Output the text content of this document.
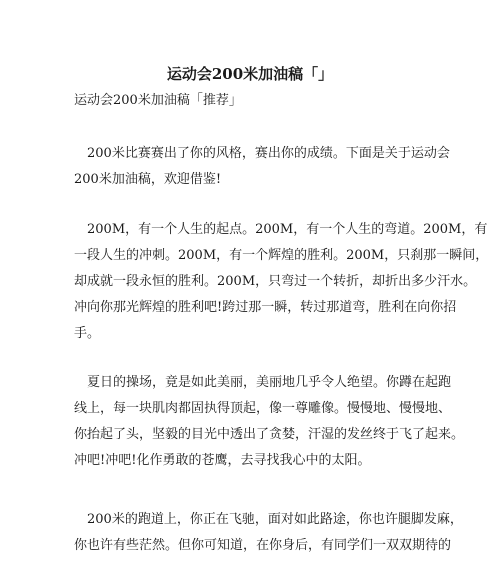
运动会200米加油稿「」
运动会200米加油稿「推荐」
　200米比赛赛出了你的风格，赛出你的成绩。下面是关于运动会
200米加油稿，欢迎借鉴!
　200M，有一个人生的起点。200M，有一个人生的弯道。200M，有
一段人生的冲刺。200M，有一个辉煌的胜利。200M，只刹那一瞬间，
却成就一段永恒的胜利。200M，只弯过一个转折，却折出多少汗水。
冲向你那光辉煌的胜利吧!跨过那一瞬，转过那道弯，胜利在向你招
手。
　夏日的操场，竟是如此美丽，美丽地几乎令人绝望。你蹲在起跑
线上，每一块肌肉都固执得顶起，像一尊雕像。慢慢地、慢慢地、
你抬起了头，坚毅的目光中透出了贪婪，汗湿的发丝终于飞了起来。
冲吧!冲吧!化作勇敢的苍鹰，去寻找我心中的太阳。
　200米的跑道上，你正在飞驰，面对如此路途，你也许腿脚发麻，
你也许有些茫然。但你可知道，在你身后，有同学们一双双期待的
